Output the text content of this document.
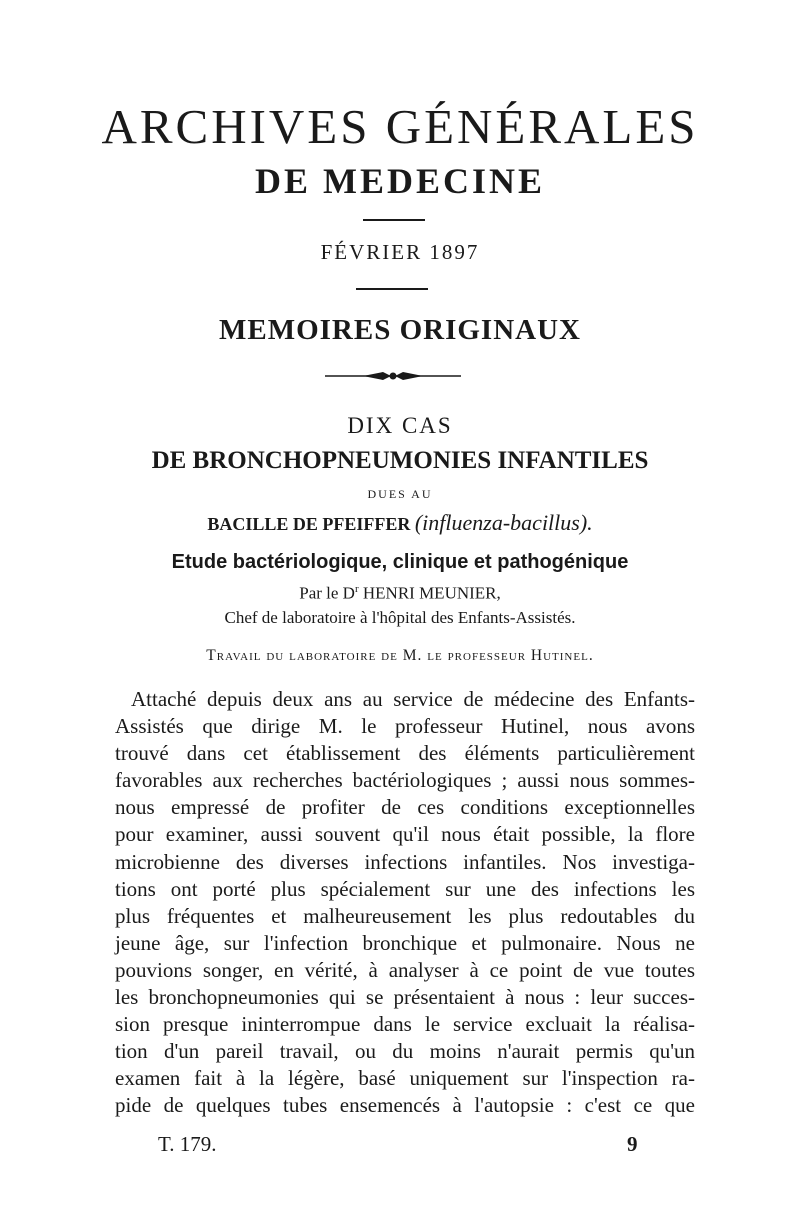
ARCHIVES GÉNÉRALES
DE MEDECINE
FÉVRIER 1897
MEMOIRES ORIGINAUX
DIX CAS
DE BRONCHOPNEUMONIES INFANTILES
DUES AU
BACILLE DE PFEIFFER (influenza-bacillus).
Etude bactériologique, clinique et pathogénique
Par le $D^r$ HENRI MEUNIER,
Chef de laboratoire à l'hôpital des Enfants-Assistés.
Travail du laboratoire de M. le professeur Hutinel.
Attaché depuis deux ans au service de médecine des Enfants-
Assistés que dirige M. le professeur Hutinel, nous avons
trouvé dans cet établissement des éléments particulièrement
favorables aux recherches bactériologiques ; aussi nous sommes-
nous empressé de profiter de ces conditions exceptionnelles
pour examiner, aussi souvent qu'il nous était possible, la flore
microbienne des diverses infections infantiles. Nos investiga-
tions ont porté plus spécialement sur une des infections les
plus fréquentes et malheureusement les plus redoutables du
jeune âge, sur l'infection bronchique et pulmonaire. Nous ne
pouvions songer, en vérité, à analyser à ce point de vue toutes
les bronchopneumonies qui se présentaient à nous : leur succes-
sion presque ininterrompue dans le service excluait la réalisa-
tion d'un pareil travail, ou du moins n'aurait permis qu'un
examen fait à la légère, basé uniquement sur l'inspection ra-
pide de quelques tubes ensemencés à l'autopsie : c'est ce que
T. 179.	9
